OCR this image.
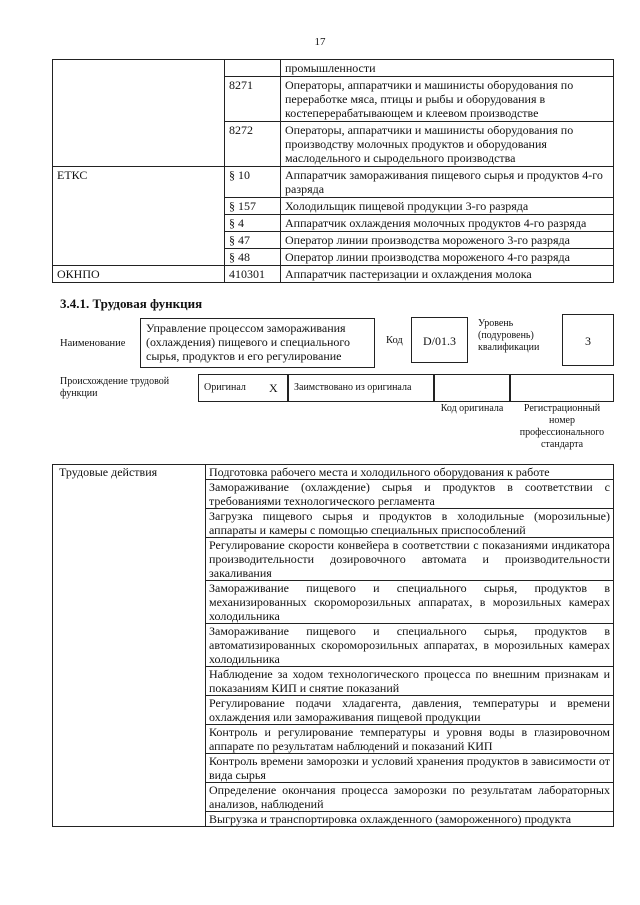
17
		промышленности
	8271	Операторы, аппаратчики и машинисты оборудования по переработке мяса, птицы и рыбы и оборудования в костеперерабатывающем и клеевом производстве
	8272	Операторы, аппаратчики и машинисты оборудования по производству молочных продуктов и оборудования маслодельного и сыродельного производства
ЕТКС	§ 10	Аппаратчик замораживания пищевого сырья и продуктов 4-го разряда
	§ 157	Холодильщик пищевой продукции 3-го разряда
	§ 4	Аппаратчик охлаждения молочных продуктов 4-го разряда
	§ 47	Оператор линии производства мороженого 3-го разряда
	§ 48	Оператор линии производства мороженого 4-го разряда
ОКНПО	410301	Аппаратчик пастеризации и охлаждения молока
3.4.1. Трудовая функция
Наименование
Управление процессом замораживания (охлаждения) пищевого и специального сырья, продуктов и его регулирование
Код	D/01.3
Уровень (подуровень) квалификации	3
Происхождение трудовой функции
Оригинал X	Заимствовано из оригинала
Код оригинала	Регистрационный номер профессионального стандарта
Трудовые действия	Подготовка рабочего места и холодильного оборудования к работе
Замораживание (охлаждение) сырья и продуктов в соответствии с требованиями технологического регламента
Загрузка пищевого сырья и продуктов в холодильные (морозильные) аппараты и камеры с помощью специальных приспособлений
Регулирование скорости конвейера в соответствии с показаниями индикатора производительности дозировочного автомата и производительности закаливания
Замораживание пищевого и специального сырья, продуктов в механизированных скороморозильных аппаратах, в морозильных камерах холодильника
Замораживание пищевого и специального сырья, продуктов в автоматизированных скороморозильных аппаратах, в морозильных камерах холодильника
Наблюдение за ходом технологического процесса по внешним признакам и показаниям КИП и снятие показаний
Регулирование подачи хладагента, давления, температуры и времени охлаждения или замораживания пищевой продукции
Контроль и регулирование температуры и уровня воды в глазировочном аппарате по результатам наблюдений и показаний КИП
Контроль времени заморозки и условий хранения продуктов в зависимости от вида сырья
Определение окончания процесса заморозки по результатам лабораторных анализов, наблюдений
Выгрузка и транспортировка охлажденного (замороженного) продукта
